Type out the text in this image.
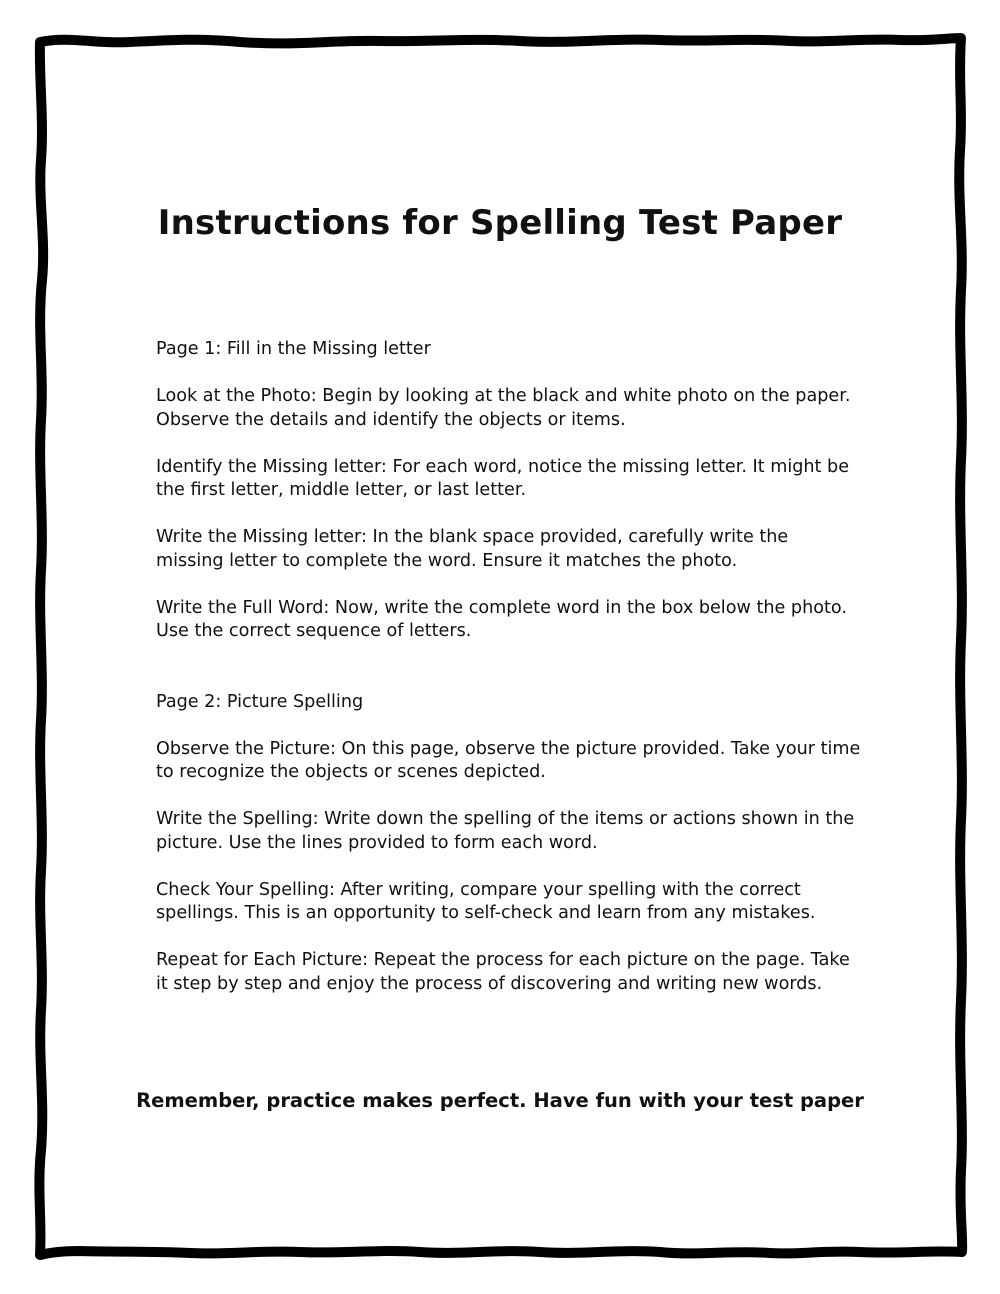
Instructions for Spelling Test Paper

Page 1: Fill in the Missing letter

Look at the Photo: Begin by looking at the black and white photo on the paper.
Observe the details and identify the objects or items.

Identify the Missing letter: For each word, notice the missing letter. It might be
the first letter, middle letter, or last letter.

Write the Missing letter: In the blank space provided, carefully write the
missing letter to complete the word. Ensure it matches the photo.

Write the Full Word: Now, write the complete word in the box below the photo.
Use the correct sequence of letters.

Page 2: Picture Spelling

Observe the Picture: On this page, observe the picture provided. Take your time
to recognize the objects or scenes depicted.

Write the Spelling: Write down the spelling of the items or actions shown in the
picture. Use the lines provided to form each word.

Check Your Spelling: After writing, compare your spelling with the correct
spellings. This is an opportunity to self-check and learn from any mistakes.

Repeat for Each Picture: Repeat the process for each picture on the page. Take
it step by step and enjoy the process of discovering and writing new words.

Remember, practice makes perfect. Have fun with your test paper
